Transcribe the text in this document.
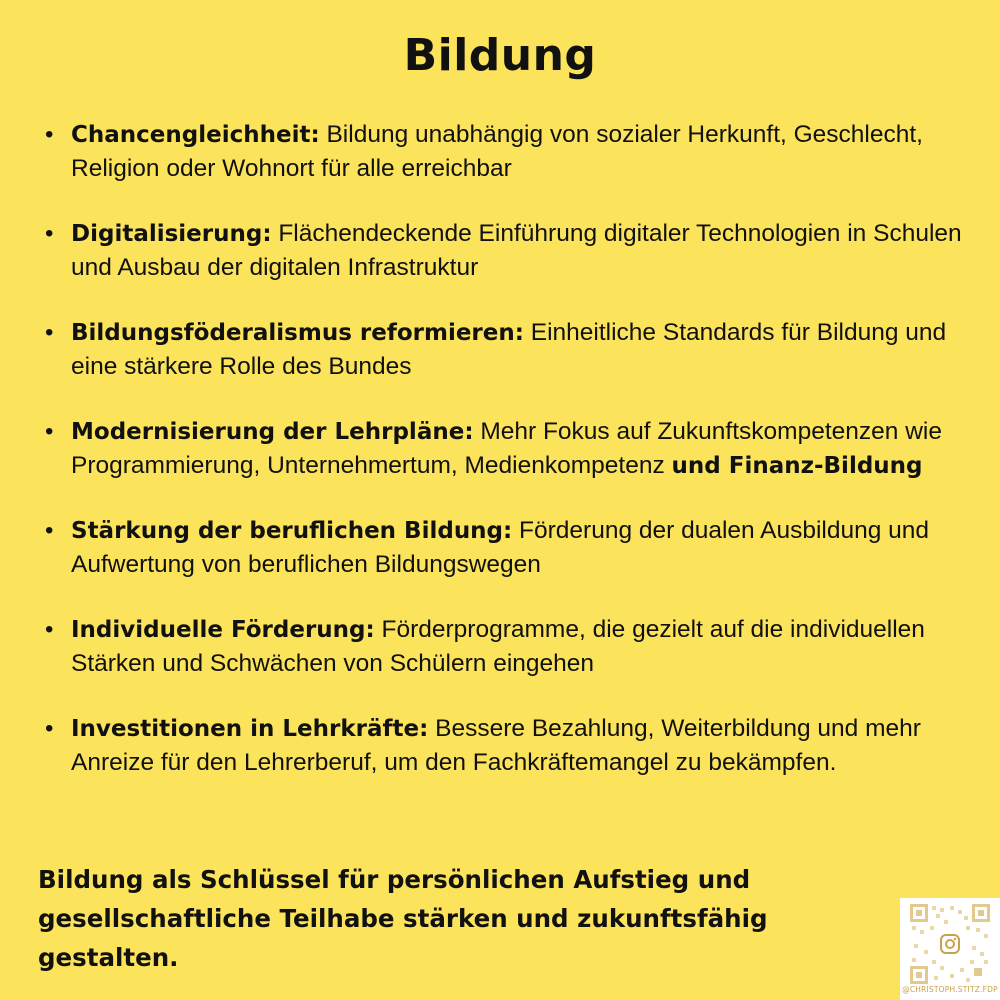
Bildung
• Chancengleichheit: Bildung unabhängig von sozialer Herkunft, Geschlecht, Religion oder Wohnort für alle erreichbar
• Digitalisierung: Flächendeckende Einführung digitaler Technologien in Schulen und Ausbau der digitalen Infrastruktur
• Bildungsföderalismus reformieren: Einheitliche Standards für Bildung und eine stärkere Rolle des Bundes
• Modernisierung der Lehrpläne: Mehr Fokus auf Zukunftskompetenzen wie Programmierung, Unternehmertum, Medienkompetenz und Finanz-Bildung
• Stärkung der beruflichen Bildung: Förderung der dualen Ausbildung und Aufwertung von beruflichen Bildungswegen
• Individuelle Förderung: Förderprogramme, die gezielt auf die individuellen Stärken und Schwächen von Schülern eingehen
• Investitionen in Lehrkräfte: Bessere Bezahlung, Weiterbildung und mehr Anreize für den Lehrerberuf, um den Fachkräftemangel zu bekämpfen.
Bildung als Schlüssel für persönlichen Aufstieg und gesellschaftliche Teilhabe stärken und zukunftsfähig gestalten.
@CHRISTOPH.STITZ.FDP
